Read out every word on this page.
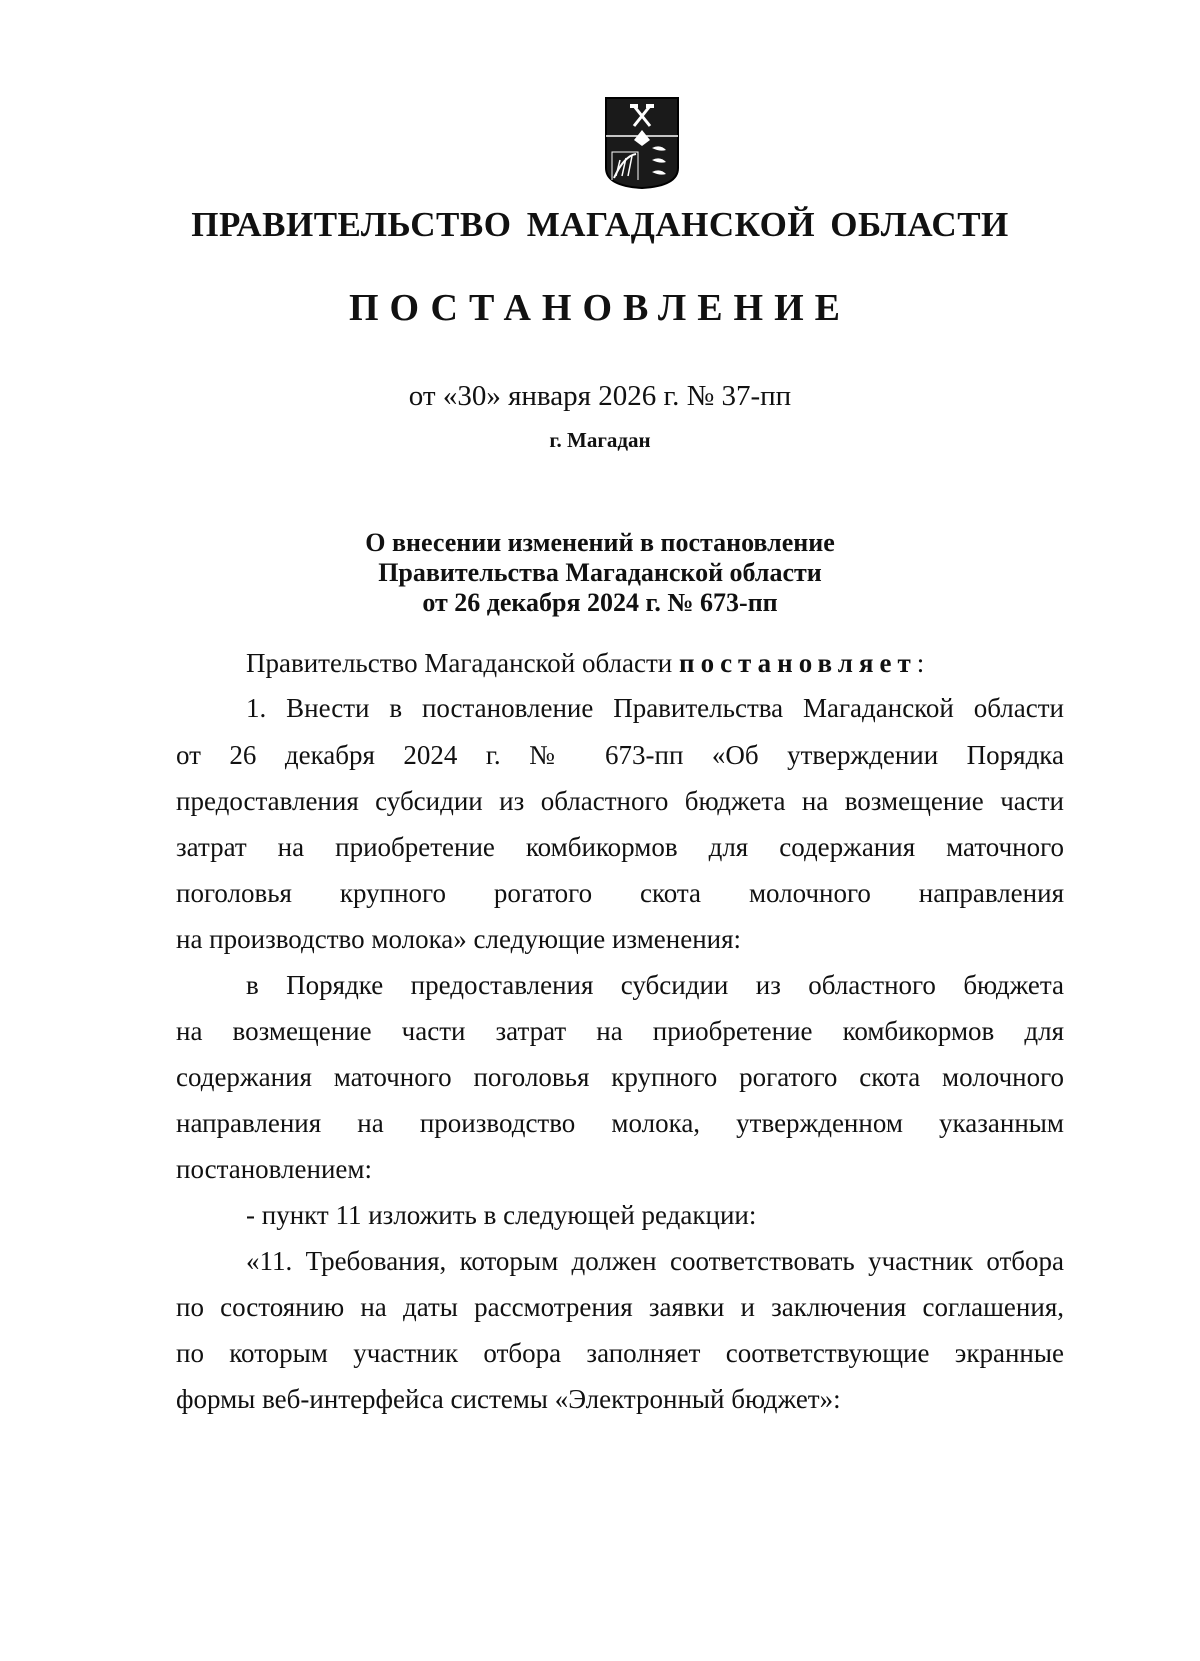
ПРАВИТЕЛЬСТВО МАГАДАНСКОЙ ОБЛАСТИ
ПОСТАНОВЛЕНИЕ
от «30» января 2026 г. № 37-пп
г. Магадан
О внесении изменений в постановление
Правительства Магаданской области
от 26 декабря 2024 г. № 673-пп
Правительство Магаданской области постановляет:
1. Внести в постановление Правительства Магаданской области
от 26 декабря 2024 г. № 673-пп «Об утверждении Порядка
предоставления субсидии из областного бюджета на возмещение части
затрат на приобретение комбикормов для содержания маточного
поголовья крупного рогатого скота молочного направления
на производство молока» следующие изменения:
в Порядке предоставления субсидии из областного бюджета
на возмещение части затрат на приобретение комбикормов для
содержания маточного поголовья крупного рогатого скота молочного
направления на производство молока, утвержденном указанным
постановлением:
- пункт 11 изложить в следующей редакции:
«11. Требования, которым должен соответствовать участник отбора
по состоянию на даты рассмотрения заявки и заключения соглашения,
по которым участник отбора заполняет соответствующие экранные
формы веб-интерфейса системы «Электронный бюджет»:
